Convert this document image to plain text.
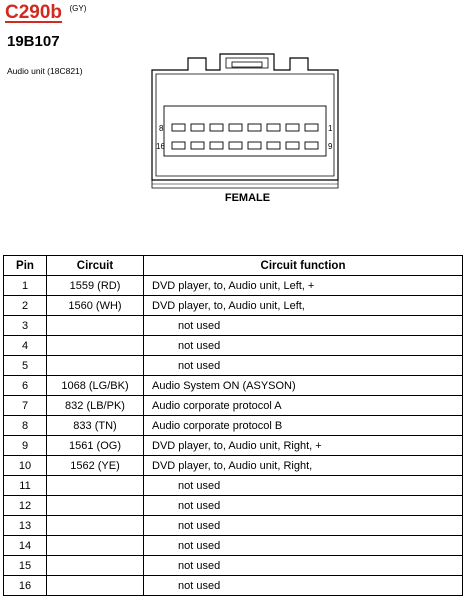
C290b $^{(GY)}$
19B107
Audio unit (18C821)
8	1
16	9
FEMALE
Pin	Circuit	Circuit function
1	1559 (RD)	DVD player, to, Audio unit, Left, +
2	1560 (WH)	DVD player, to, Audio unit, Left,
3		not used
4		not used
5		not used
6	1068 (LG/BK)	Audio System ON (ASYSON)
7	832 (LB/PK)	Audio corporate protocol A
8	833 (TN)	Audio corporate protocol B
9	1561 (OG)	DVD player, to, Audio unit, Right, +
10	1562 (YE)	DVD player, to, Audio unit, Right,
11		not used
12		not used
13		not used
14		not used
15		not used
16		not used
